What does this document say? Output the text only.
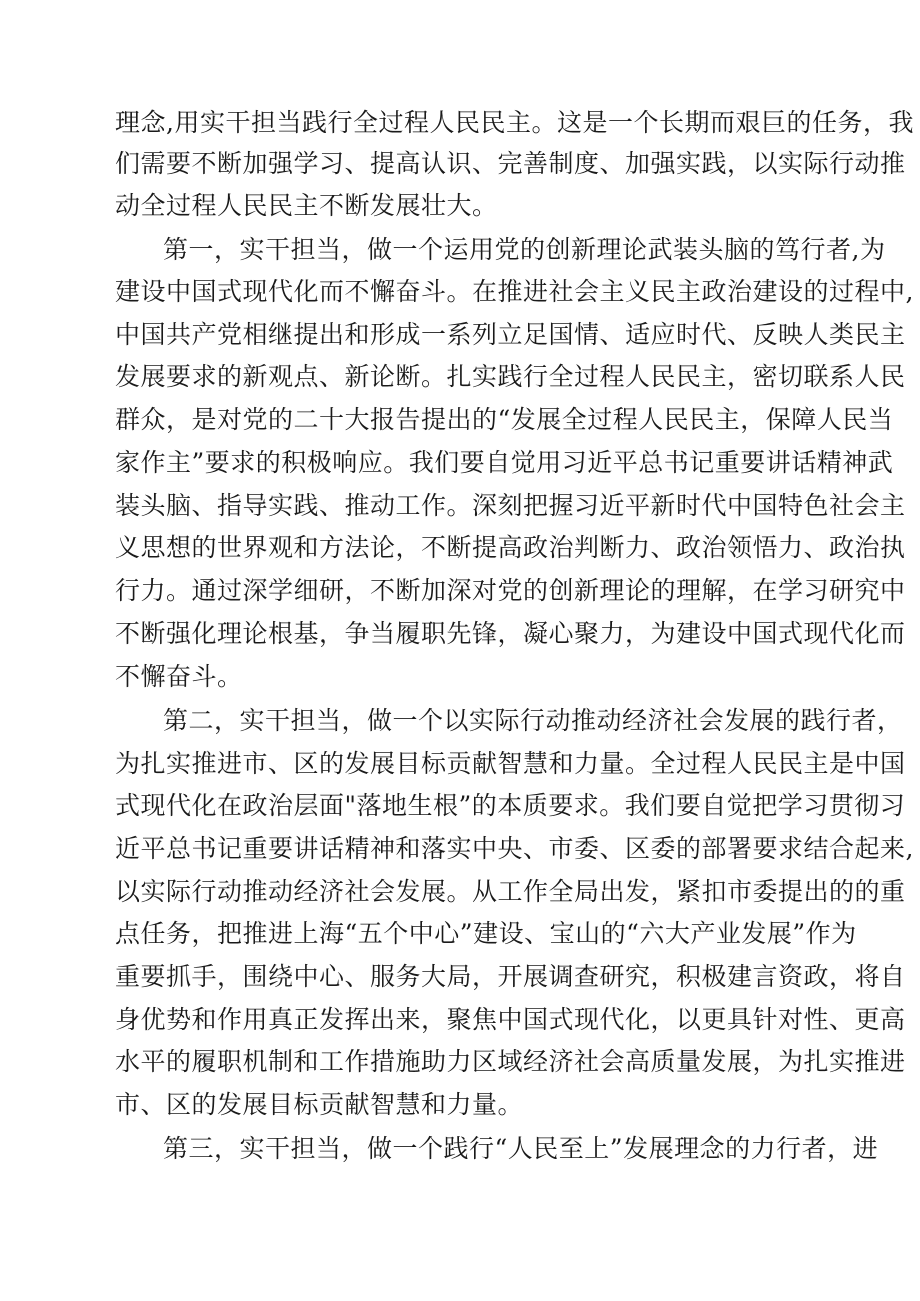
理念,用实干担当践行全过程人民民主。这是一个长期而艰巨的任务，我
们需要不断加强学习、提高认识、完善制度、加强实践，以实际行动推
动全过程人民民主不断发展壮大。
第一，实干担当，做一个运用党的创新理论武装头脑的笃行者,为
建设中国式现代化而不懈奋斗。在推进社会主义民主政治建设的过程中,
中国共产党相继提出和形成一系列立足国情、适应时代、反映人类民主
发展要求的新观点、新论断。扎实践行全过程人民民主，密切联系人民
群众，是对党的二十大报告提出的“发展全过程人民民主，保障人民当
家作主”要求的积极响应。我们要自觉用习近平总书记重要讲话精神武
装头脑、指导实践、推动工作。深刻把握习近平新时代中国特色社会主
义思想的世界观和方法论，不断提高政治判断力、政治领悟力、政治执
行力。通过深学细研，不断加深对党的创新理论的理解，在学习研究中
不断强化理论根基，争当履职先锋，凝心聚力，为建设中国式现代化而
不懈奋斗。
第二，实干担当，做一个以实际行动推动经济社会发展的践行者，
为扎实推进市、区的发展目标贡献智慧和力量。全过程人民民主是中国
式现代化在政治层面"落地生根”的本质要求。我们要自觉把学习贯彻习
近平总书记重要讲话精神和落实中央、市委、区委的部署要求结合起来,
以实际行动推动经济社会发展。从工作全局出发，紧扣市委提出的的重
点任务，把推进上海“五个中心”建设、宝山的“六大产业发展”作为
重要抓手，围绕中心、服务大局，开展调查研究，积极建言资政，将自
身优势和作用真正发挥出来，聚焦中国式现代化，以更具针对性、更高
水平的履职机制和工作措施助力区域经济社会高质量发展，为扎实推进
市、区的发展目标贡献智慧和力量。
第三，实干担当，做一个践行“人民至上”发展理念的力行者，进
